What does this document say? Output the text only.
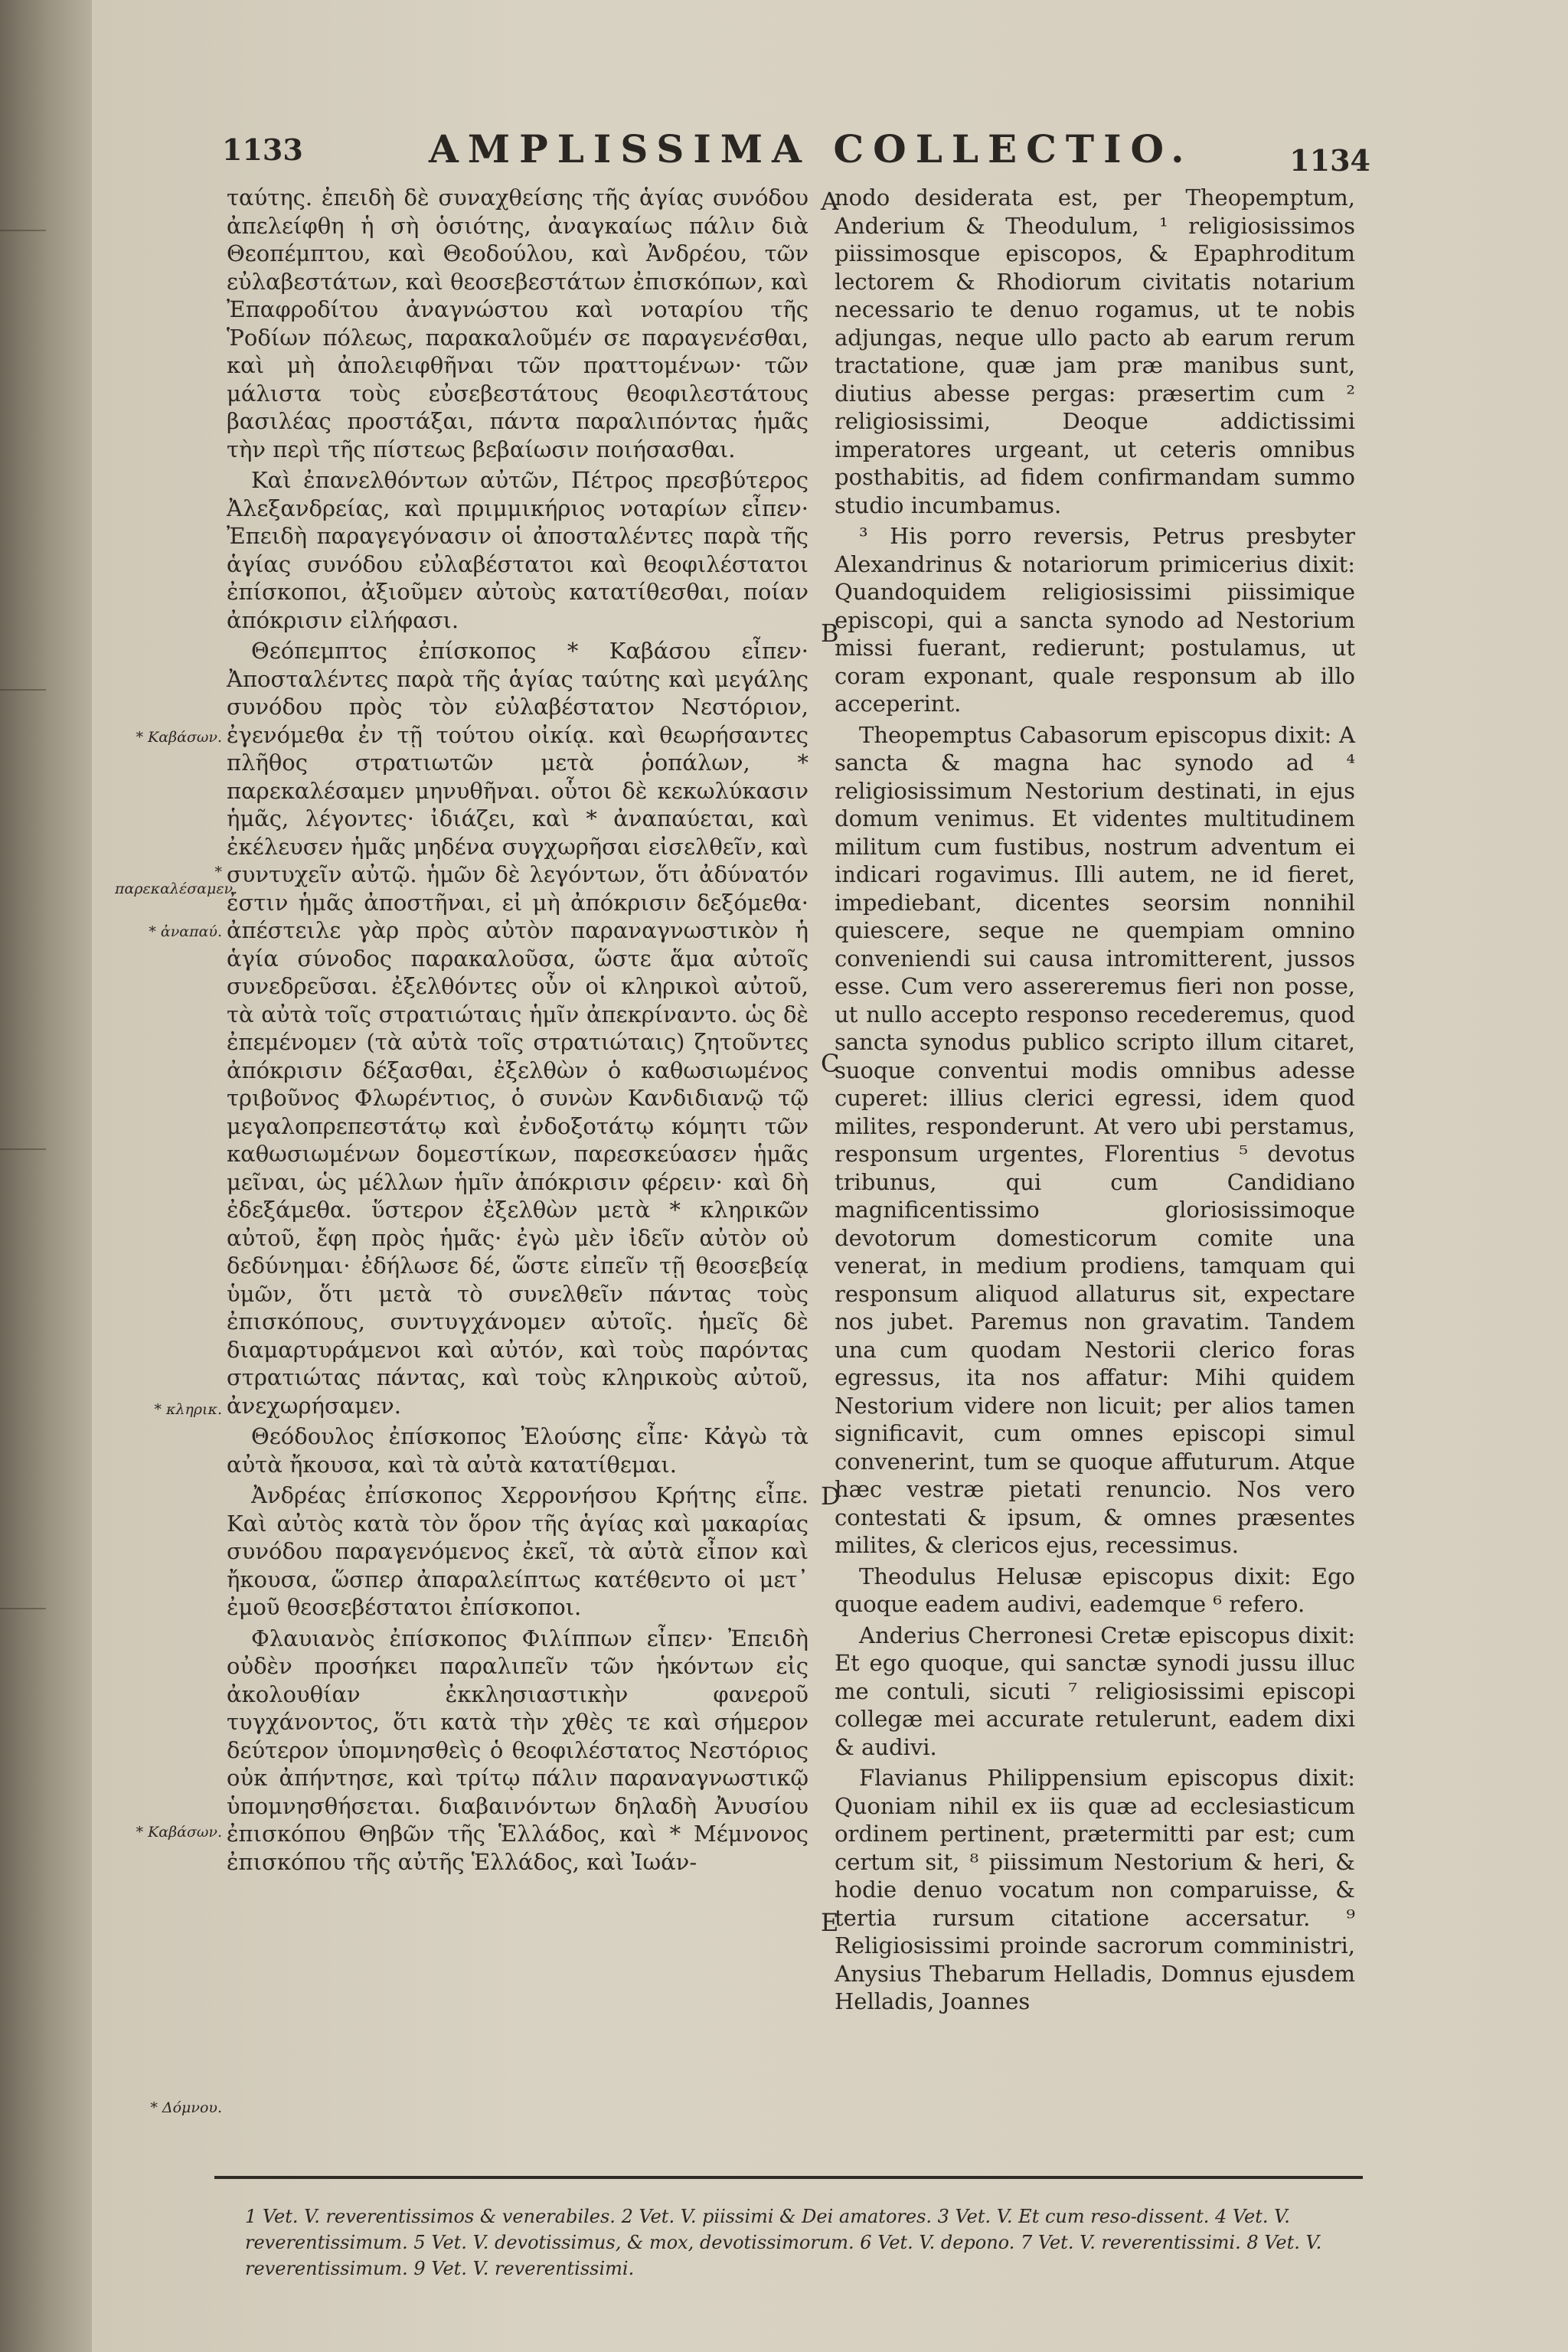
1133	AMPLISSIMA COLLECTIO.	1134

ταύτης. ἐπειδὴ δὲ συναχθείσης τῆς ἁγίας συνόδου ἀπελείφθη ἡ σὴ ὁσιότης, ἀναγκαίως πάλιν διὰ Θεοπέμπτου, καὶ Θεοδούλου, καὶ Ἀνδρέου, τῶν εὐλαβεστάτων, καὶ θεοσεβεστάτων ἐπισκόπων, καὶ Ἐπαφροδίτου ἀναγνώστου καὶ νοταρίου τῆς Ῥοδίων πόλεως, παρακαλοῦμέν σε παραγενέσθαι, καὶ μὴ ἀπολειφθῆναι τῶν πραττομένων· τῶν μάλιστα τοὺς εὐσεβεστάτους θεοφιλεστάτους βασιλέας προστάξαι, πάντα παραλιπόντας ἡμᾶς τὴν περὶ τῆς πίστεως βεβαίωσιν ποιήσασθαι.

Καὶ ἐπανελθόντων αὐτῶν, Πέτρος πρεσβύτερος Ἀλεξανδρείας, καὶ πριμμικήριος νοταρίων εἶπεν· Ἐπειδὴ παραγεγόνασιν οἱ ἀποσταλέντες παρὰ τῆς ἁγίας συνόδου εὐλαβέστατοι καὶ θεοφιλέστατοι ἐπίσκοποι, ἀξιοῦμεν αὐτοὺς κατατίθεσθαι, ποίαν ἀπόκρισιν εἰλήφασι.

Θεόπεμπτος ἐπίσκοπος * Καβάσου εἶπεν· Ἀποσταλέντες παρὰ τῆς ἁγίας ταύτης καὶ μεγάλης συνόδου πρὸς τὸν εὐλαβέστατον Νεστόριον, ἐγενόμεθα ἐν τῇ τούτου οἰκίᾳ. καὶ θεωρήσαντες πλῆθος στρατιωτῶν μετὰ ῥοπάλων, * παρεκαλέσαμεν μηνυθῆναι. οὗτοι δὲ κεκωλύκασιν ἡμᾶς, λέγοντες· ἰδιάζει, καὶ * ἀναπαύεται, καὶ ἐκέλευσεν ἡμᾶς μηδένα συγχωρῆσαι εἰσελθεῖν, καὶ συντυχεῖν αὐτῷ. ἡμῶν δὲ λεγόντων, ὅτι ἀδύνατόν ἐστιν ἡμᾶς ἀποστῆναι, εἰ μὴ ἀπόκρισιν δεξόμεθα· ἀπέστειλε γὰρ πρὸς αὐτὸν παραναγνωστικὸν ἡ ἁγία σύνοδος παρακαλοῦσα, ὥστε ἅμα αὐτοῖς συνεδρεῦσαι. ἐξελθόντες οὖν οἱ κληρικοὶ αὐτοῦ, τὰ αὐτὰ τοῖς στρατιώταις ἡμῖν ἀπεκρίναντο. ὡς δὲ ἐπεμένομεν (τὰ αὐτὰ τοῖς στρατιώταις) ζητοῦντες ἀπόκρισιν δέξασθαι, ἐξελθὼν ὁ καθωσιωμένος τριβοῦνος Φλωρέντιος, ὁ συνὼν Κανδιδιανῷ τῷ μεγαλοπρεπεστάτῳ καὶ ἐνδοξοτάτῳ κόμητι τῶν καθωσιωμένων δομεστίκων, παρεσκεύασεν ἡμᾶς μεῖναι, ὡς μέλλων ἡμῖν ἀπόκρισιν φέρειν· καὶ δὴ ἐδεξάμεθα. ὕστερον ἐξελθὼν μετὰ * κληρικῶν αὐτοῦ, ἔφη πρὸς ἡμᾶς· ἐγὼ μὲν ἰδεῖν αὐτὸν οὐ δεδύνημαι· ἐδήλωσε δέ, ὥστε εἰπεῖν τῇ θεοσεβείᾳ ὑμῶν, ὅτι μετὰ τὸ συνελθεῖν πάντας τοὺς ἐπισκόπους, συντυγχάνομεν αὐτοῖς. ἡμεῖς δὲ διαμαρτυράμενοι καὶ αὐτόν, καὶ τοὺς παρόντας στρατιώτας πάντας, καὶ τοὺς κληρικοὺς αὐτοῦ, ἀνεχωρήσαμεν.

Θεόδουλος ἐπίσκοπος Ἐλούσης εἶπε· Κἀγὼ τὰ αὐτὰ ἤκουσα, καὶ τὰ αὐτὰ κατατίθεμαι.

Ἀνδρέας ἐπίσκοπος Χερρονήσου Κρήτης εἶπε. Καὶ αὐτὸς κατὰ τὸν ὅρον τῆς ἁγίας καὶ μακαρίας συνόδου παραγενόμενος ἐκεῖ, τὰ αὐτὰ εἶπον καὶ ἤκουσα, ὥσπερ ἀπαραλείπτως κατέθεντο οἱ μετ᾽ ἐμοῦ θεοσεβέστατοι ἐπίσκοποι.

Φλαυιανὸς ἐπίσκοπος Φιλίππων εἶπεν· Ἐπειδὴ οὐδὲν προσήκει παραλιπεῖν τῶν ἡκόντων εἰς ἀκολουθίαν ἐκκλησιαστικὴν φανεροῦ τυγχάνοντος, ὅτι κατὰ τὴν χθὲς τε καὶ σήμερον δεύτερον ὑπομνησθεὶς ὁ θεοφιλέστατος Νεστόριος οὐκ ἀπήντησε, καὶ τρίτῳ πάλιν παραναγνωστικῷ ὑπομνησθήσεται. διαβαινόντων δηλαδὴ Ἀνυσίου ἐπισκόπου Θηβῶν τῆς Ἑλλάδος, καὶ * Μέμνονος ἐπισκόπου τῆς αὐτῆς Ἑλλάδος, καὶ Ἰωάν-

nodo desiderata est, per Theopemptum, Anderium & Theodulum, ¹ religiosissimos piissimosque episcopos, & Epaphroditum lectorem & Rhodiorum civitatis notarium necessario te denuo rogamus, ut te nobis adjungas, neque ullo pacto ab earum rerum tractatione, quæ jam præ manibus sunt, diutius abesse pergas: præsertim cum ² religiosissimi, Deoque addictissimi imperatores urgeant, ut ceteris omnibus posthabitis, ad fidem confirmandam summo studio incumbamus.

³ His porro reversis, Petrus presbyter Alexandrinus & notariorum primicerius dixit: Quandoquidem religiosissimi piissimique episcopi, qui a sancta synodo ad Nestorium missi fuerant, redierunt; postulamus, ut coram exponant, quale responsum ab illo acceperint.

Theopemptus Cabasorum episcopus dixit: A sancta & magna hac synodo ad ⁴ religiosissimum Nestorium destinati, in ejus domum venimus. Et videntes multitudinem militum cum fustibus, nostrum adventum ei indicari rogavimus. Illi autem, ne id fieret, impediebant, dicentes seorsim nonnihil quiescere, seque ne quempiam omnino conveniendi sui causa intromitterent, jussos esse. Cum vero assereremus fieri non posse, ut nullo accepto responso recederemus, quod sancta synodus publico scripto illum citaret, suoque conventui modis omnibus adesse cuperet: illius clerici egressi, idem quod milites, responderunt. At vero ubi perstamus, responsum urgentes, Florentius ⁵ devotus tribunus, qui cum Candidiano magnificentissimo gloriosissimoque devotorum domesticorum comite una venerat, in medium prodiens, tamquam qui responsum aliquod allaturus sit, expectare nos jubet. Paremus non gravatim. Tandem una cum quodam Nestorii clerico foras egressus, ita nos affatur: Mihi quidem Nestorium videre non licuit; per alios tamen significavit, cum omnes episcopi simul convenerint, tum se quoque affuturum. Atque hæc vestræ pietati renuncio. Nos vero contestati & ipsum, & omnes præsentes milites, & clericos ejus, recessimus.

Theodulus Helusæ episcopus dixit: Ego quoque eadem audivi, eademque ⁶ refero.

Anderius Cherronesi Cretæ episcopus dixit: Et ego quoque, qui sanctæ synodi jussu illuc me contuli, sicuti ⁷ religiosissimi episcopi collegæ mei accurate retulerunt, eadem dixi & audivi.

Flavianus Philippensium episcopus dixit: Quoniam nihil ex iis quæ ad ecclesiasticum ordinem pertinent, prætermitti par est; cum certum sit, ⁸ piissimum Nestorium & heri, & hodie denuo vocatum non comparuisse, & tertia rursum citatione accersatur. ⁹ Religiosissimi proinde sacrorum comministri, Anysius Thebarum Helladis, Domnus ejusdem Helladis, Joannes

A
B
C
D
E
* Καβάσων.
* παρεκαλέσαμεν.
* ἀναπαύ.
* κληρικ.
* Καβάσων.
* Δόμνου.
1 Vet. V. reverentissimos & venerabiles. 2 Vet. V. piissimi & Dei amatores. 3 Vet. V. Et cum reso-dissent. 4 Vet. V. reverentissimum. 5 Vet. V. devotissimus, & mox, devotissimorum. 6 Vet. V. depono. 7 Vet. V. reverentissimi. 8 Vet. V. reverentissimum. 9 Vet. V. reverentissimi.
